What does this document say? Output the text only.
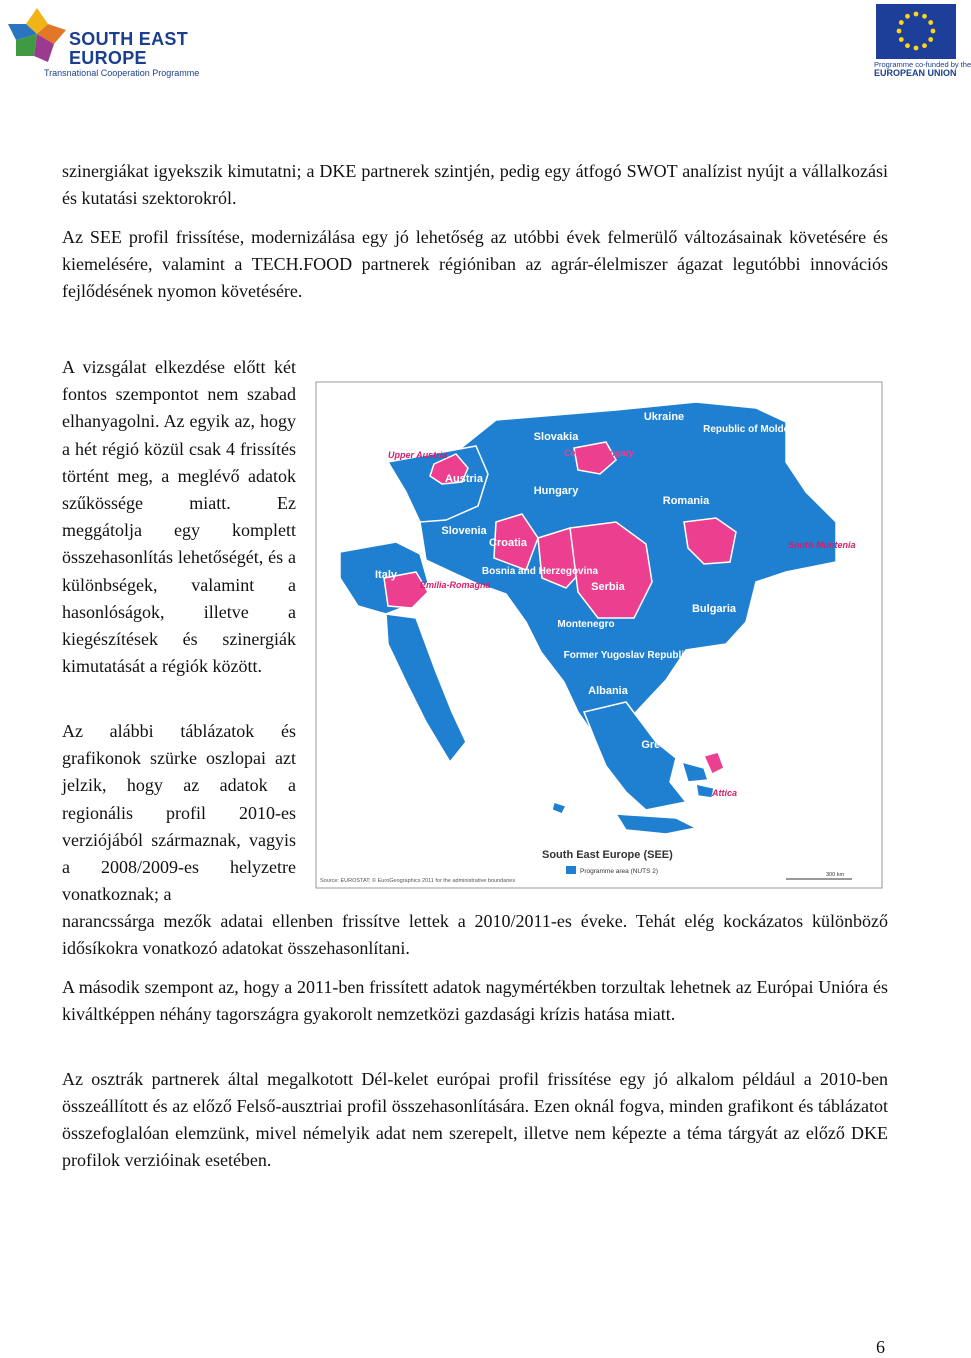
SOUTH EAST
EUROPE
Transnational Cooperation Programme
Programme co-funded by the
EUROPEAN UNION

szinergiákat igyekszik kimutatni; a DKE partnerek szintjén, pedig egy átfogó SWOT analízist nyújt a vállalkozási és kutatási szektorokról.

Az SEE profil frissítése, modernizálása egy jó lehetőség az utóbbi évek felmerülő változásainak követésére és kiemelésére, valamint a TECH.FOOD partnerek régióniban az agrár-élelmiszer ágazat legutóbbi innovációs fejlődésének nyomon követésére.

A vizsgálat elkezdése előtt két fontos szempontot nem szabad elhanyagolni. Az egyik az, hogy a hét régió közül csak 4 frissítés történt meg, a meglévő adatok szűkössége miatt. Ez meggátolja egy komplett összehasonlítás lehetőségét, és a különbségek, valamint a hasonlóságok, illetve a kiegészítések és szinergiák kimutatását a régiók között.

Az alábbi táblázatok és grafikonok szürke oszlopai azt jelzik, hogy az adatok a regionális profil 2010-es verziójából származnak, vagyis a 2008/2009-es helyzetre vonatkoznak; a

narancssárga mezők adatai ellenben frissítve lettek a 2010/2011-es éveke. Tehát elég kockázatos különböző idősíkokra vonatkozó adatokat összehasonlítani.

A második szempont az, hogy a 2011-ben frissített adatok nagymértékben torzultak lehetnek az Európai Unióra és kiváltképpen néhány tagországra gyakorolt nemzetközi gazdasági krízis hatása miatt.

Az osztrák partnerek által megalkotott Dél-kelet európai profil frissítése egy jó alkalom például a 2010-ben összeállított és az előző Felső-ausztriai profil összehasonlítására. Ezen oknál fogva, minden grafikont és táblázatot összefoglalóan elemzünk, mivel némelyik adat nem szerepelt, illetve nem képezte a téma tárgyát az előző DKE profilok verzióinak esetében.

Ukraine
Slovakia
Republic of Moldova
Austria
Hungary
Romania
Slovenia
Croatia
Italy	Bosnia and Herzegovina
Serbia
Bulgaria
Montenegro
Former Yugoslav Republic of Macedonia
Albania
Greece
Upper Austria	Central Hungary
South Muntenia
Emilia-Romagna
Attica
South East Europe (SEE)
Source: EUROSTAT; © EuroGeographics 2011 for the administrative boundaries
Programme area (NUTS 2)	300 km
6
